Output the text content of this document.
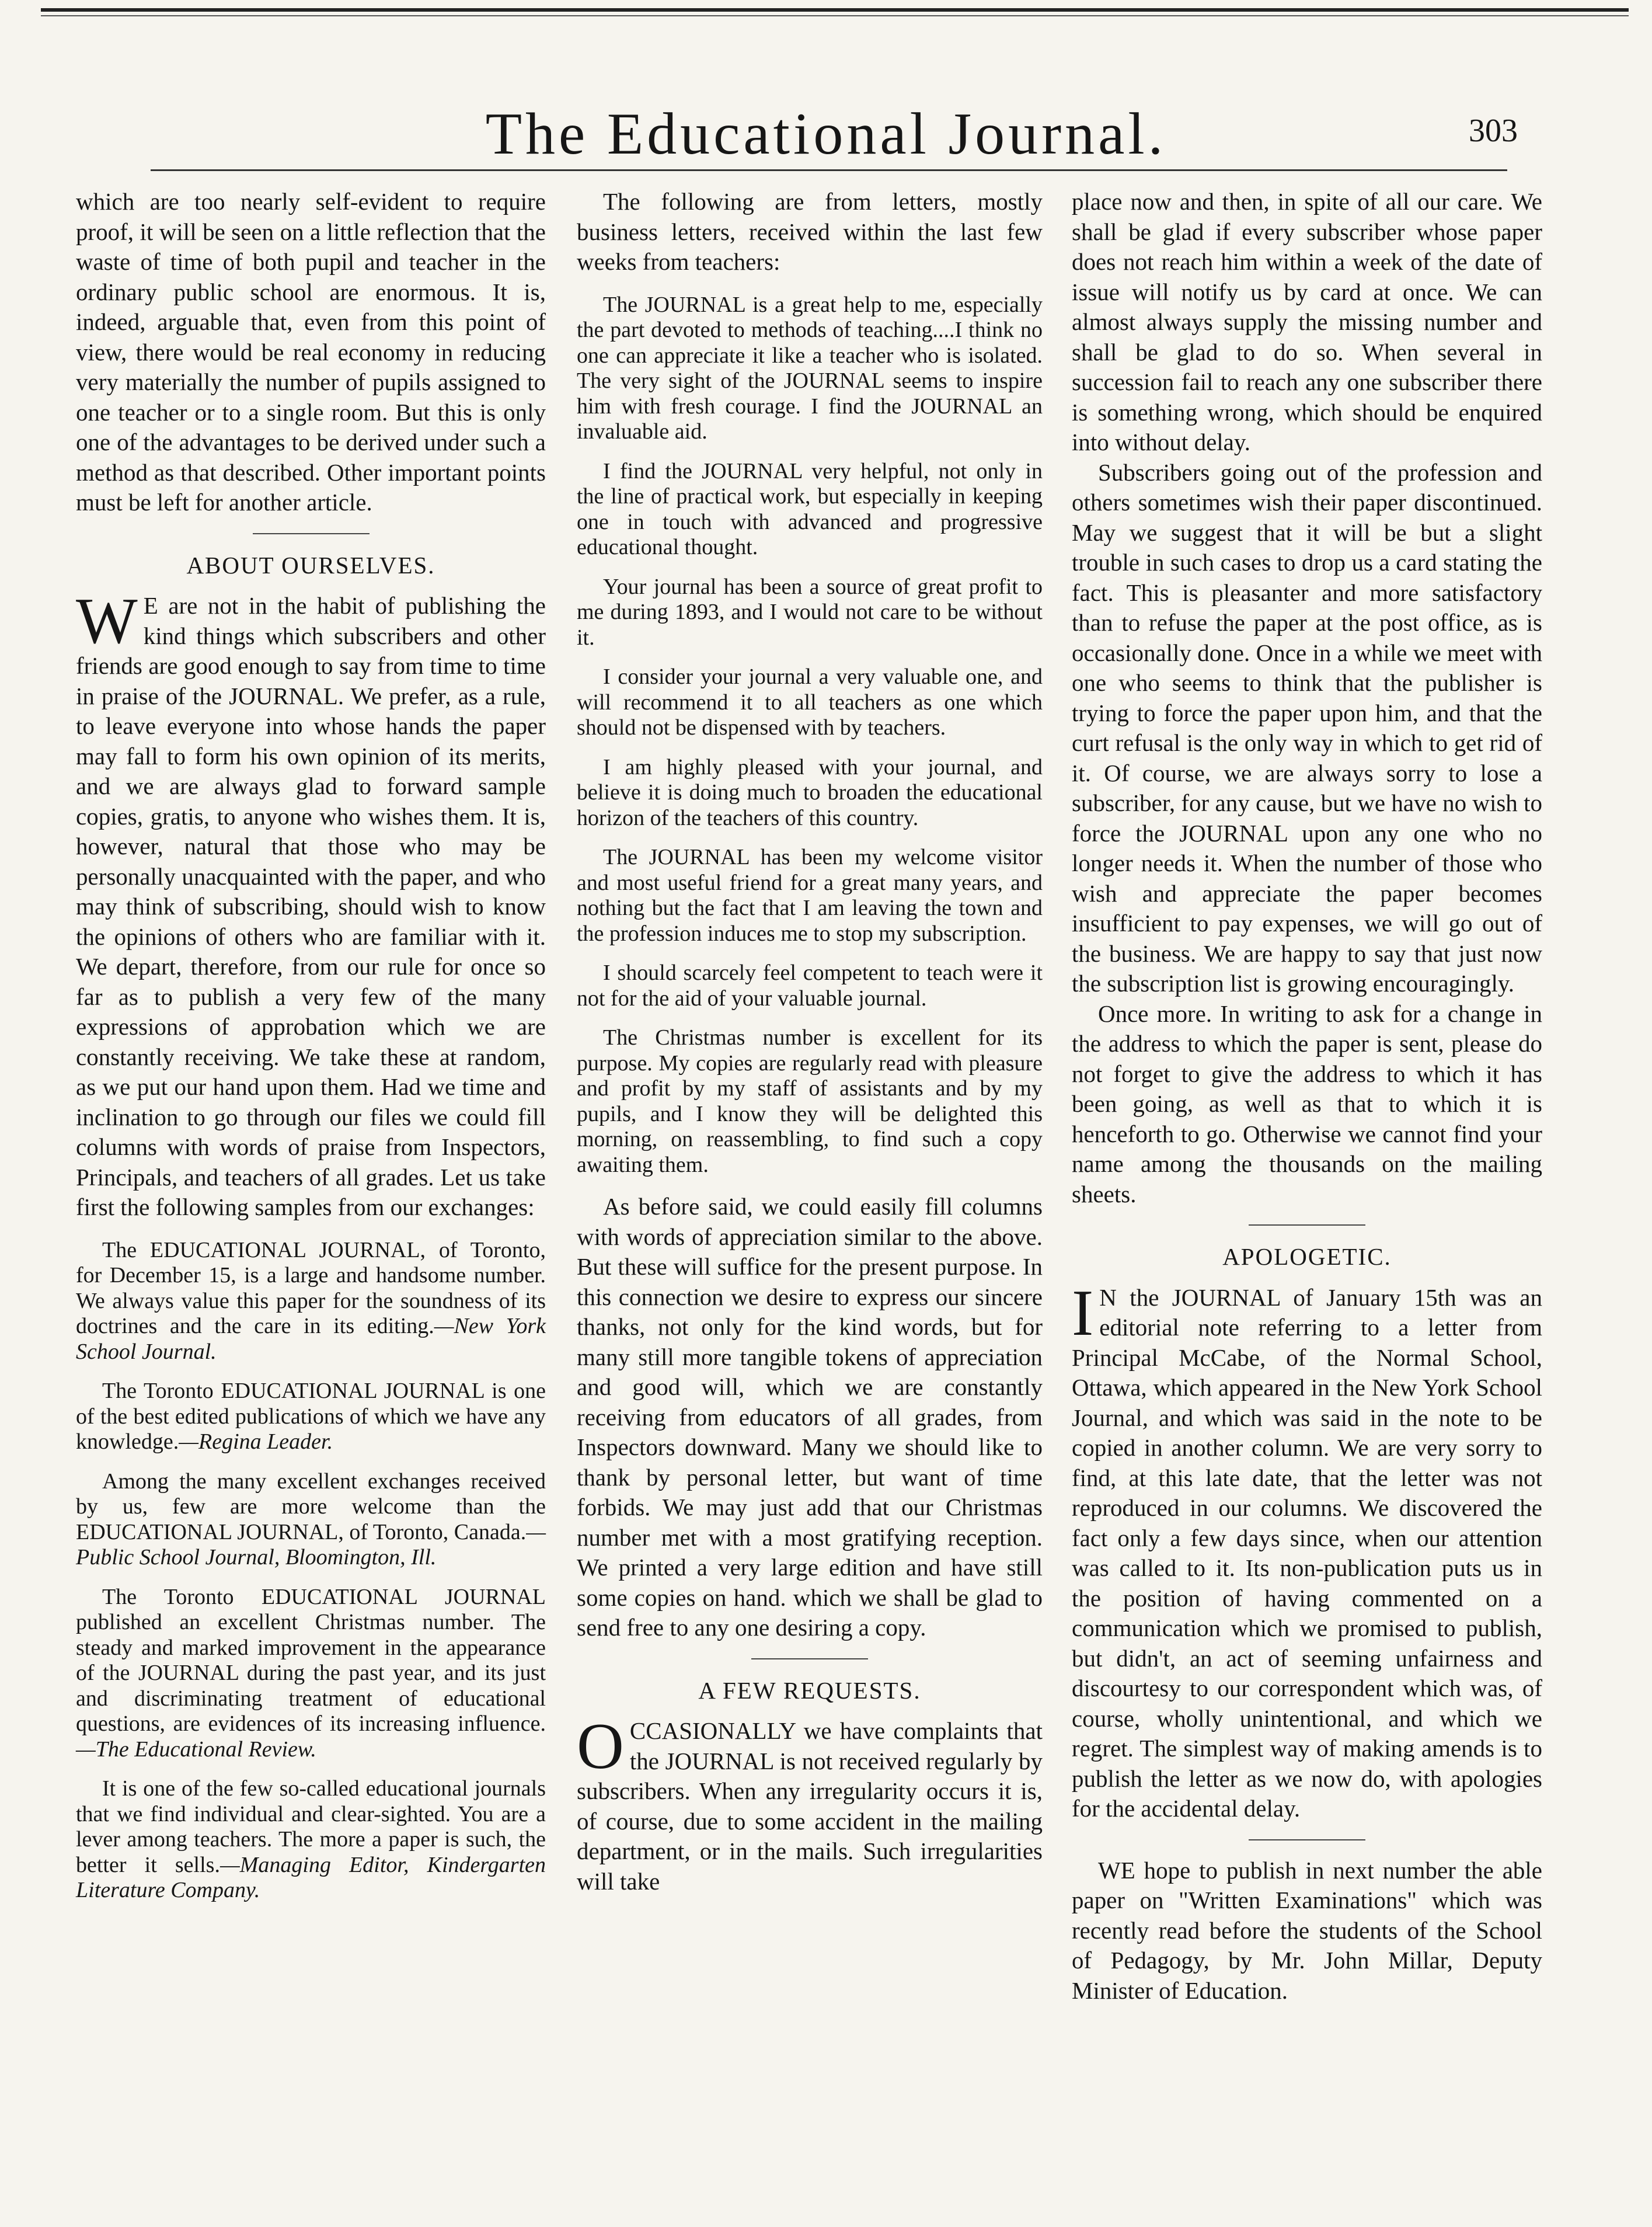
The Educational Journal.	303

which are too nearly self-evident to require proof, it will be seen on a little reflection that the waste of time of both pupil and teacher in the ordinary public school are enormous. It is, indeed, arguable that, even from this point of view, there would be real economy in reducing very materially the number of pupils assigned to one teacher or to a single room. But this is only one of the advantages to be derived under such a method as that described. Other important points must be left for another article.

ABOUT OURSELVES.

W E are not in the habit of publishing the kind things which subscribers and other friends are good enough to say from time to time in praise of the JOURNAL. We prefer, as a rule, to leave everyone into whose hands the paper may fall to form his own opinion of its merits, and we are always glad to forward sample copies, gratis, to anyone who wishes them. It is, however, natural that those who may be personally unacquainted with the paper, and who may think of subscribing, should wish to know the opinions of others who are familiar with it. We depart, therefore, from our rule for once so far as to publish a very few of the many expressions of approbation which we are constantly receiving. We take these at random, as we put our hand upon them. Had we time and inclination to go through our files we could fill columns with words of praise from Inspectors, Principals, and teachers of all grades. Let us take first the following samples from our exchanges:

The EDUCATIONAL JOURNAL, of Toronto, for December 15, is a large and handsome number. We always value this paper for the soundness of its doctrines and the care in its editing.—New York School Journal.

The Toronto EDUCATIONAL JOURNAL is one of the best edited publications of which we have any knowledge.—Regina Leader.

Among the many excellent exchanges received by us, few are more welcome than the EDUCATIONAL JOURNAL, of Toronto, Canada.—Public School Journal, Bloomington, Ill.

The Toronto EDUCATIONAL JOURNAL published an excellent Christmas number. The steady and marked improvement in the appearance of the JOURNAL during the past year, and its just and discriminating treatment of educational questions, are evidences of its increasing influence.—The Educational Review.

It is one of the few so-called educational journals that we find individual and clear-sighted. You are a lever among teachers. The more a paper is such, the better it sells.—Managing Editor, Kindergarten Literature Company.

The following are from letters, mostly business letters, received within the last few weeks from teachers:

The JOURNAL is a great help to me, especially the part devoted to methods of teaching....I think no one can appreciate it like a teacher who is isolated. The very sight of the JOURNAL seems to inspire him with fresh courage. I find the JOURNAL an invaluable aid.

I find the JOURNAL very helpful, not only in the line of practical work, but especially in keeping one in touch with advanced and progressive educational thought.

Your journal has been a source of great profit to me during 1893, and I would not care to be without it.

I consider your journal a very valuable one, and will recommend it to all teachers as one which should not be dispensed with by teachers.

I am highly pleased with your journal, and believe it is doing much to broaden the educational horizon of the teachers of this country.

The JOURNAL has been my welcome visitor and most useful friend for a great many years, and nothing but the fact that I am leaving the town and the profession induces me to stop my subscription.

I should scarcely feel competent to teach were it not for the aid of your valuable journal.

The Christmas number is excellent for its purpose. My copies are regularly read with pleasure and profit by my staff of assistants and by my pupils, and I know they will be delighted this morning, on reassembling, to find such a copy awaiting them.

As before said, we could easily fill columns with words of appreciation similar to the above. But these will suffice for the present purpose. In this connection we desire to express our sincere thanks, not only for the kind words, but for many still more tangible tokens of appreciation and good will, which we are constantly receiving from educators of all grades, from Inspectors downward. Many we should like to thank by personal letter, but want of time forbids. We may just add that our Christmas number met with a most gratifying reception. We printed a very large edition and have still some copies on hand. which we shall be glad to send free to any one desiring a copy.

A FEW REQUESTS.

OCCASIONALLY we have complaints that the JOURNAL is not received regularly by subscribers. When any irregularity occurs it is, of course, due to some accident in the mailing department, or in the mails. Such irregularities will take

place now and then, in spite of all our care. We shall be glad if every subscriber whose paper does not reach him within a week of the date of issue will notify us by card at once. We can almost always supply the missing number and shall be glad to do so. When several in succession fail to reach any one subscriber there is something wrong, which should be enquired into without delay.

Subscribers going out of the profession and others sometimes wish their paper discontinued. May we suggest that it will be but a slight trouble in such cases to drop us a card stating the fact. This is pleasanter and more satisfactory than to refuse the paper at the post office, as is occasionally done. Once in a while we meet with one who seems to think that the publisher is trying to force the paper upon him, and that the curt refusal is the only way in which to get rid of it. Of course, we are always sorry to lose a subscriber, for any cause, but we have no wish to force the JOURNAL upon any one who no longer needs it. When the number of those who wish and appreciate the paper becomes insufficient to pay expenses, we will go out of the business. We are happy to say that just now the subscription list is growing encouragingly.

Once more. In writing to ask for a change in the address to which the paper is sent, please do not forget to give the address to which it has been going, as well as that to which it is henceforth to go. Otherwise we cannot find your name among the thousands on the mailing sheets.

APOLOGETIC.

I N the JOURNAL of January 15th was an editorial note referring to a letter from Principal McCabe, of the Normal School, Ottawa, which appeared in the New York School Journal, and which was said in the note to be copied in another column. We are very sorry to find, at this late date, that the letter was not reproduced in our columns. We discovered the fact only a few days since, when our attention was called to it. Its non-publication puts us in the position of having commented on a communication which we promised to publish, but didn't, an act of seeming unfairness and discourtesy to our correspondent which was, of course, wholly unintentional, and which we regret. The simplest way of making amends is to publish the letter as we now do, with apologies for the accidental delay.

WE hope to publish in next number the able paper on "Written Examinations" which was recently read before the students of the School of Pedagogy, by Mr. John Millar, Deputy Minister of Education.
